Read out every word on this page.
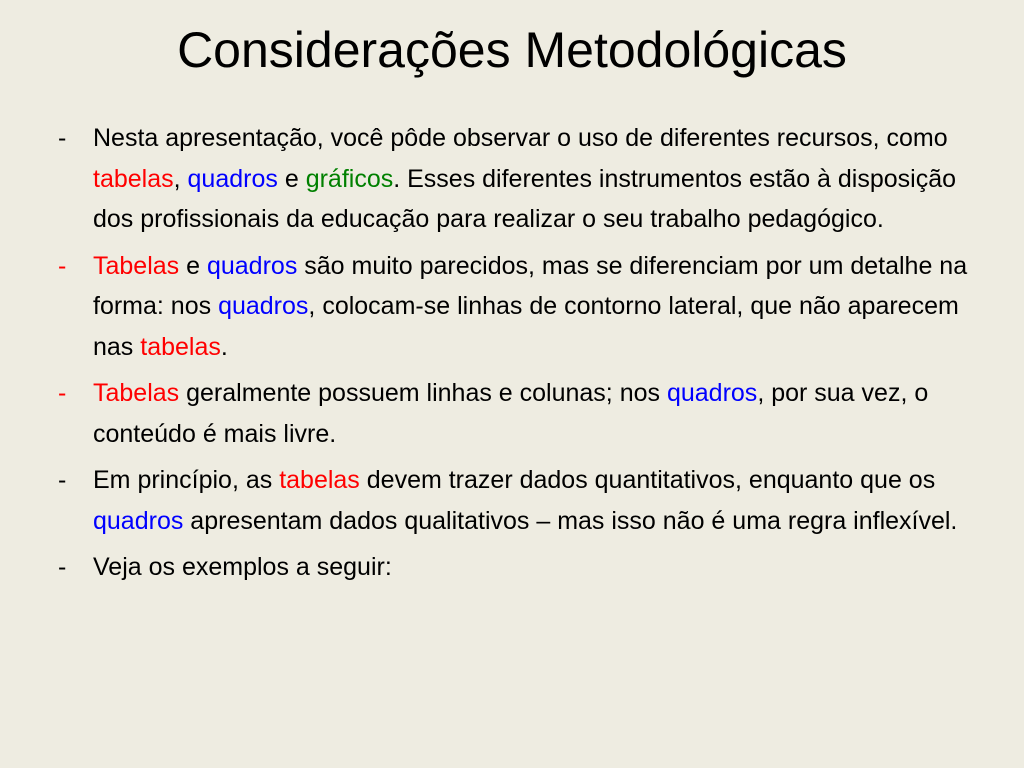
Considerações Metodológicas
- Nesta apresentação, você pôde observar o uso de diferentes recursos, como tabelas, quadros e gráficos. Esses diferentes instrumentos estão à disposição dos profissionais da educação para realizar o seu trabalho pedagógico.
- Tabelas e quadros são muito parecidos, mas se diferenciam por um detalhe na forma: nos quadros, colocam-se linhas de contorno lateral, que não aparecem nas tabelas.
- Tabelas geralmente possuem linhas e colunas; nos quadros, por sua vez, o conteúdo é mais livre.
- Em princípio, as tabelas devem trazer dados quantitativos, enquanto que os quadros apresentam dados qualitativos – mas isso não é uma regra inflexível.
- Veja os exemplos a seguir:
